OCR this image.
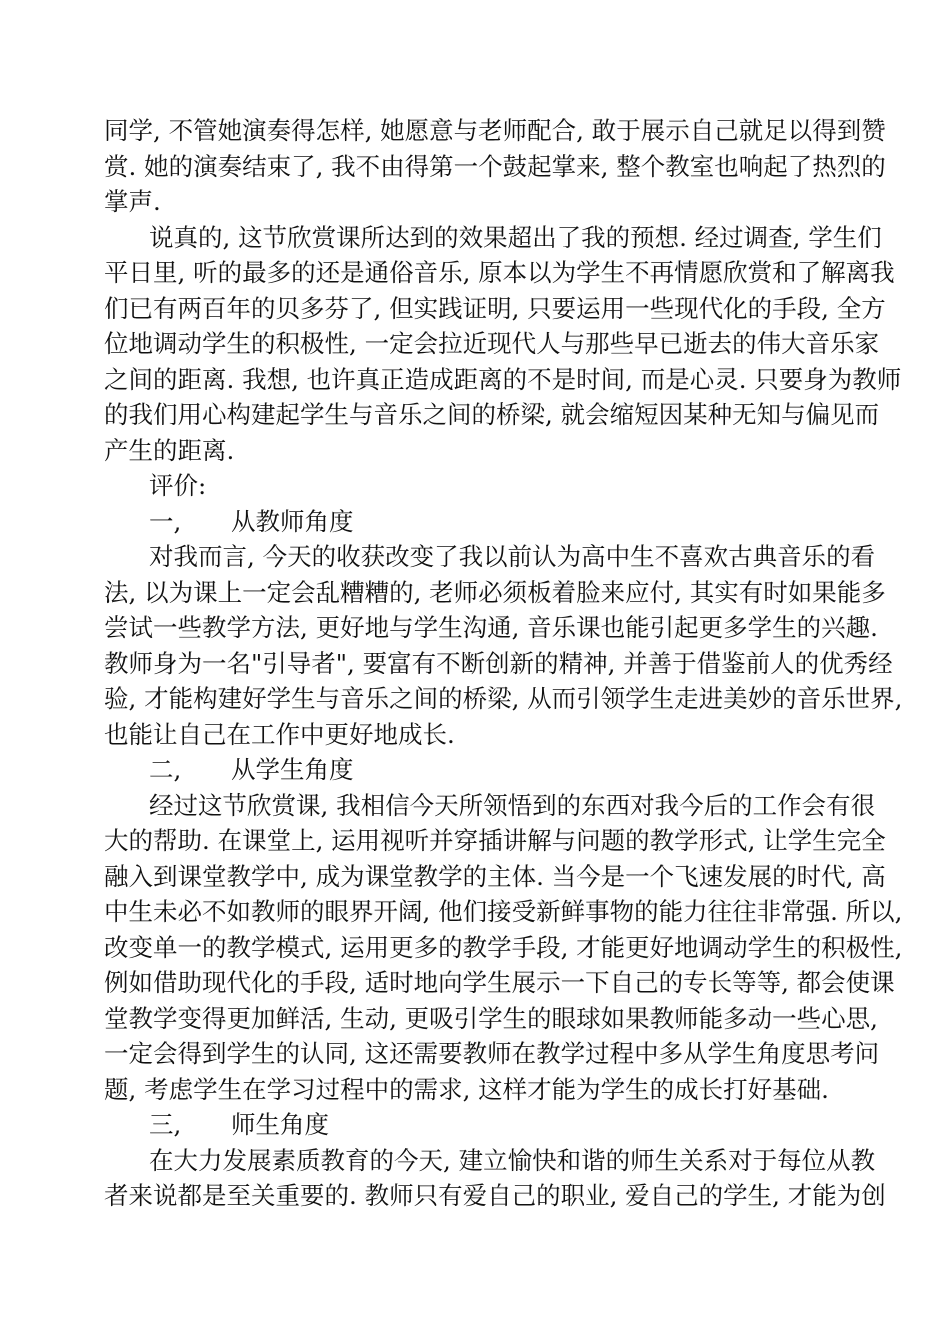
同学, 不管她演奏得怎样, 她愿意与老师配合, 敢于展示自己就足以得到赞
赏. 她的演奏结束了, 我不由得第一个鼓起掌来, 整个教室也响起了热烈的
掌声.
说真的, 这节欣赏课所达到的效果超出了我的预想. 经过调查, 学生们
平日里, 听的最多的还是通俗音乐, 原本以为学生不再情愿欣赏和了解离我
们已有两百年的贝多芬了, 但实践证明, 只要运用一些现代化的手段, 全方
位地调动学生的积极性, 一定会拉近现代人与那些早已逝去的伟大音乐家
之间的距离. 我想, 也许真正造成距离的不是时间, 而是心灵. 只要身为教师
的我们用心构建起学生与音乐之间的桥梁, 就会缩短因某种无知与偏见而
产生的距离.
评价:
一, 从教师角度
对我而言, 今天的收获改变了我以前认为高中生不喜欢古典音乐的看
法, 以为课上一定会乱糟糟的, 老师必须板着脸来应付, 其实有时如果能多
尝试一些教学方法, 更好地与学生沟通, 音乐课也能引起更多学生的兴趣.
教师身为一名"引导者", 要富有不断创新的精神, 并善于借鉴前人的优秀经
验, 才能构建好学生与音乐之间的桥梁, 从而引领学生走进美妙的音乐世界,
也能让自己在工作中更好地成长.
二, 从学生角度
经过这节欣赏课, 我相信今天所领悟到的东西对我今后的工作会有很
大的帮助. 在课堂上, 运用视听并穿插讲解与问题的教学形式, 让学生完全
融入到课堂教学中, 成为课堂教学的主体. 当今是一个飞速发展的时代, 高
中生未必不如教师的眼界开阔, 他们接受新鲜事物的能力往往非常强. 所以,
改变单一的教学模式, 运用更多的教学手段, 才能更好地调动学生的积极性,
例如借助现代化的手段, 适时地向学生展示一下自己的专长等等, 都会使课
堂教学变得更加鲜活, 生动, 更吸引学生的眼球如果教师能多动一些心思,
一定会得到学生的认同, 这还需要教师在教学过程中多从学生角度思考问
题, 考虑学生在学习过程中的需求, 这样才能为学生的成长打好基础.
三, 师生角度
在大力发展素质教育的今天, 建立愉快和谐的师生关系对于每位从教
者来说都是至关重要的. 教师只有爱自己的职业, 爱自己的学生, 才能为创
